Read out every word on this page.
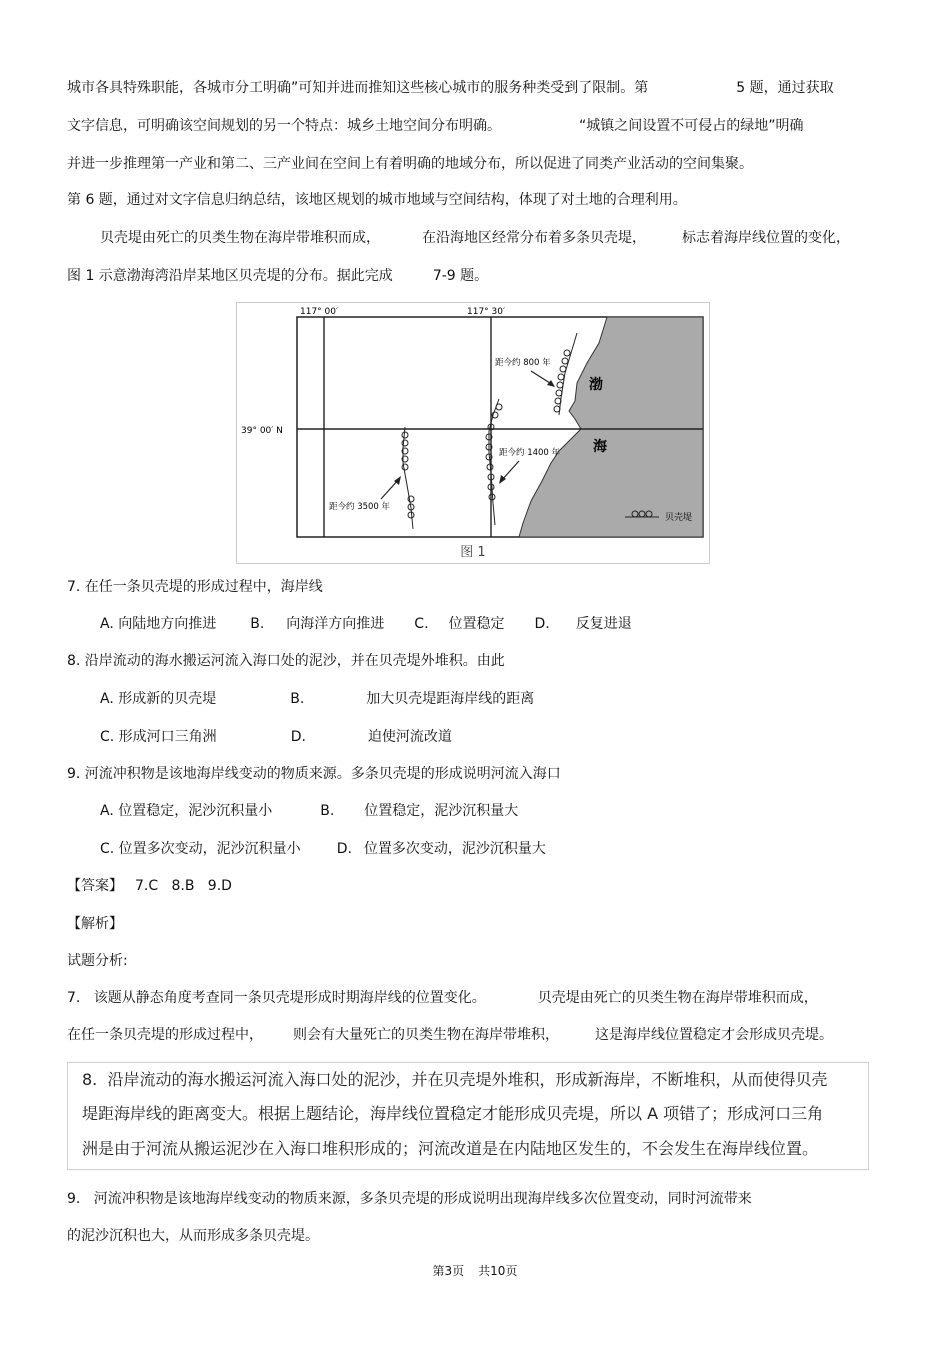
城市各具特殊职能，各城市分工明确”可知并进而推知这些核心城市的服务种类受到了限制。第	5 题，通过获取
文字信息，可明确该空间规划的另一个特点：城乡土地空间分布明确。	“城镇之间设置不可侵占的绿地”明确
并进一步推理第一产业和第二、三产业间在空间上有着明确的地域分布，所以促进了同类产业活动的空间集聚。
第 6 题，通过对文字信息归纳总结，该地区规划的城市地域与空间结构，体现了对土地的合理利用。
贝壳堤由死亡的贝类生物在海岸带堆积而成，	在沿海地区经常分布着多条贝壳堤，	标志着海岸线位置的变化，
图 1 示意渤海湾沿岸某地区贝壳堤的分布。据此完成	7-9 题。
117° 00′	117° 30′
39° 00′ N
距今约 800 年
距今约 1400 年
距今约 3500 年
渤
海
贝壳堤
图 1
7. 在任一条贝壳堤的形成过程中，海岸线
A. 向陆地方向推进 B. 向海洋方向推进 C. 位置稳定 D. 反复进退
8. 沿岸流动的海水搬运河流入海口处的泥沙，并在贝壳堤外堆积。由此
A. 形成新的贝壳堤	B.	加大贝壳堤距海岸线的距离
C. 形成河口三角洲	D.	迫使河流改道
9. 河流冲积物是该地海岸线变动的物质来源。多条贝壳堤的形成说明河流入海口
A. 位置稳定，泥沙沉积量小	B. 位置稳定，泥沙沉积量大
C. 位置多次变动，泥沙沉积量小	D. 位置多次变动，泥沙沉积量大
【答案】 7.C   8.B   9.D
【解析】
试题分析:
7.   该题从静态角度考查同一条贝壳堤形成时期海岸线的位置变化。	贝壳堤由死亡的贝类生物在海岸带堆积而成，
在任一条贝壳堤的形成过程中， 则会有大量死亡的贝类生物在海岸带堆积，	这是海岸线位置稳定才会形成贝壳堤。
8.  沿岸流动的海水搬运河流入海口处的泥沙，并在贝壳堤外堆积，形成新海岸，不断堆积，从而使得贝壳
堤距海岸线的距离变大。根据上题结论，海岸线位置稳定才能形成贝壳堤，所以 A 项错了；形成河口三角
洲是由于河流从搬运泥沙在入海口堆积形成的；河流改道是在内陆地区发生的，不会发生在海岸线位置。
9.   河流冲积物是该地海岸线变动的物质来源，多条贝壳堤的形成说明出现海岸线多次位置变动，同时河流带来
的泥沙沉积也大，从而形成多条贝壳堤。
第3页 共10页
